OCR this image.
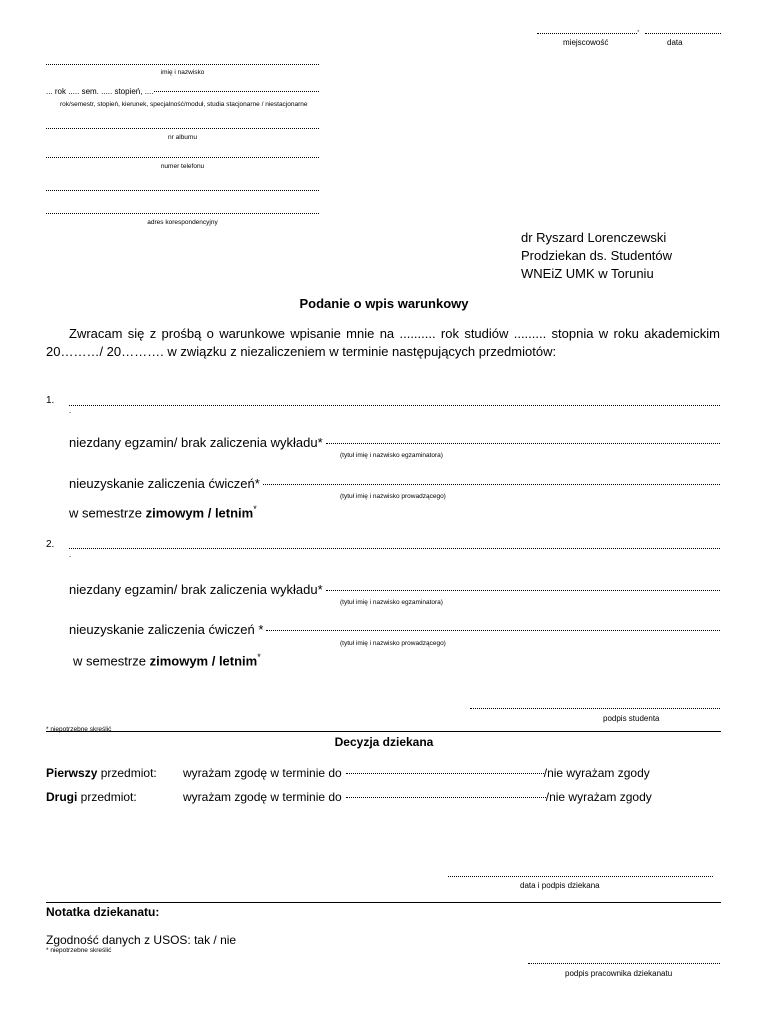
,
miejscowość	data
imię i nazwisko
... rok ..... sem. ..... stopień, ....
rok/semestr, stopień, kierunek, specjalność/moduł, studia stacjonarne / niestacjonarne
nr albumu
numer telefonu
adres korespondencyjny
dr Ryszard Lorenczewski
Prodziekan ds. Studentów
WNEiZ UMK w Toruniu
Podanie o wpis warunkowy
Zwracam się z prośbą o warunkowe wpisanie mnie na .......... rok studiów ......... stopnia w roku akademickim
20………/ 20………. w związku z niezaliczeniem w terminie następujących przedmiotów:
1.
.
niezdany egzamin/ brak zaliczenia wykładu*
(tytuł imię i nazwisko egzaminatora)
nieuzyskanie zaliczenia ćwiczeń*
(tytuł imię i nazwisko prowadzącego)
w semestrze zimowym / letnim*
2.
.
niezdany egzamin/ brak zaliczenia wykładu*
(tytuł imię i nazwisko egzaminatora)
nieuzyskanie zaliczenia ćwiczeń *
(tytuł imię i nazwisko prowadzącego)
w semestrze zimowym / letnim*
podpis studenta
* niepotrzebne skreślić
Decyzja dziekana
Pierwszy przedmiot:	wyrażam zgodę w terminie do	/nie wyrażam zgody
Drugi przedmiot:	wyrażam zgodę w terminie do	/nie wyrażam zgody
data i podpis dziekana
Notatka dziekanatu:
Zgodność danych z USOS: tak / nie
* niepotrzebne skreślić
podpis pracownika dziekanatu
